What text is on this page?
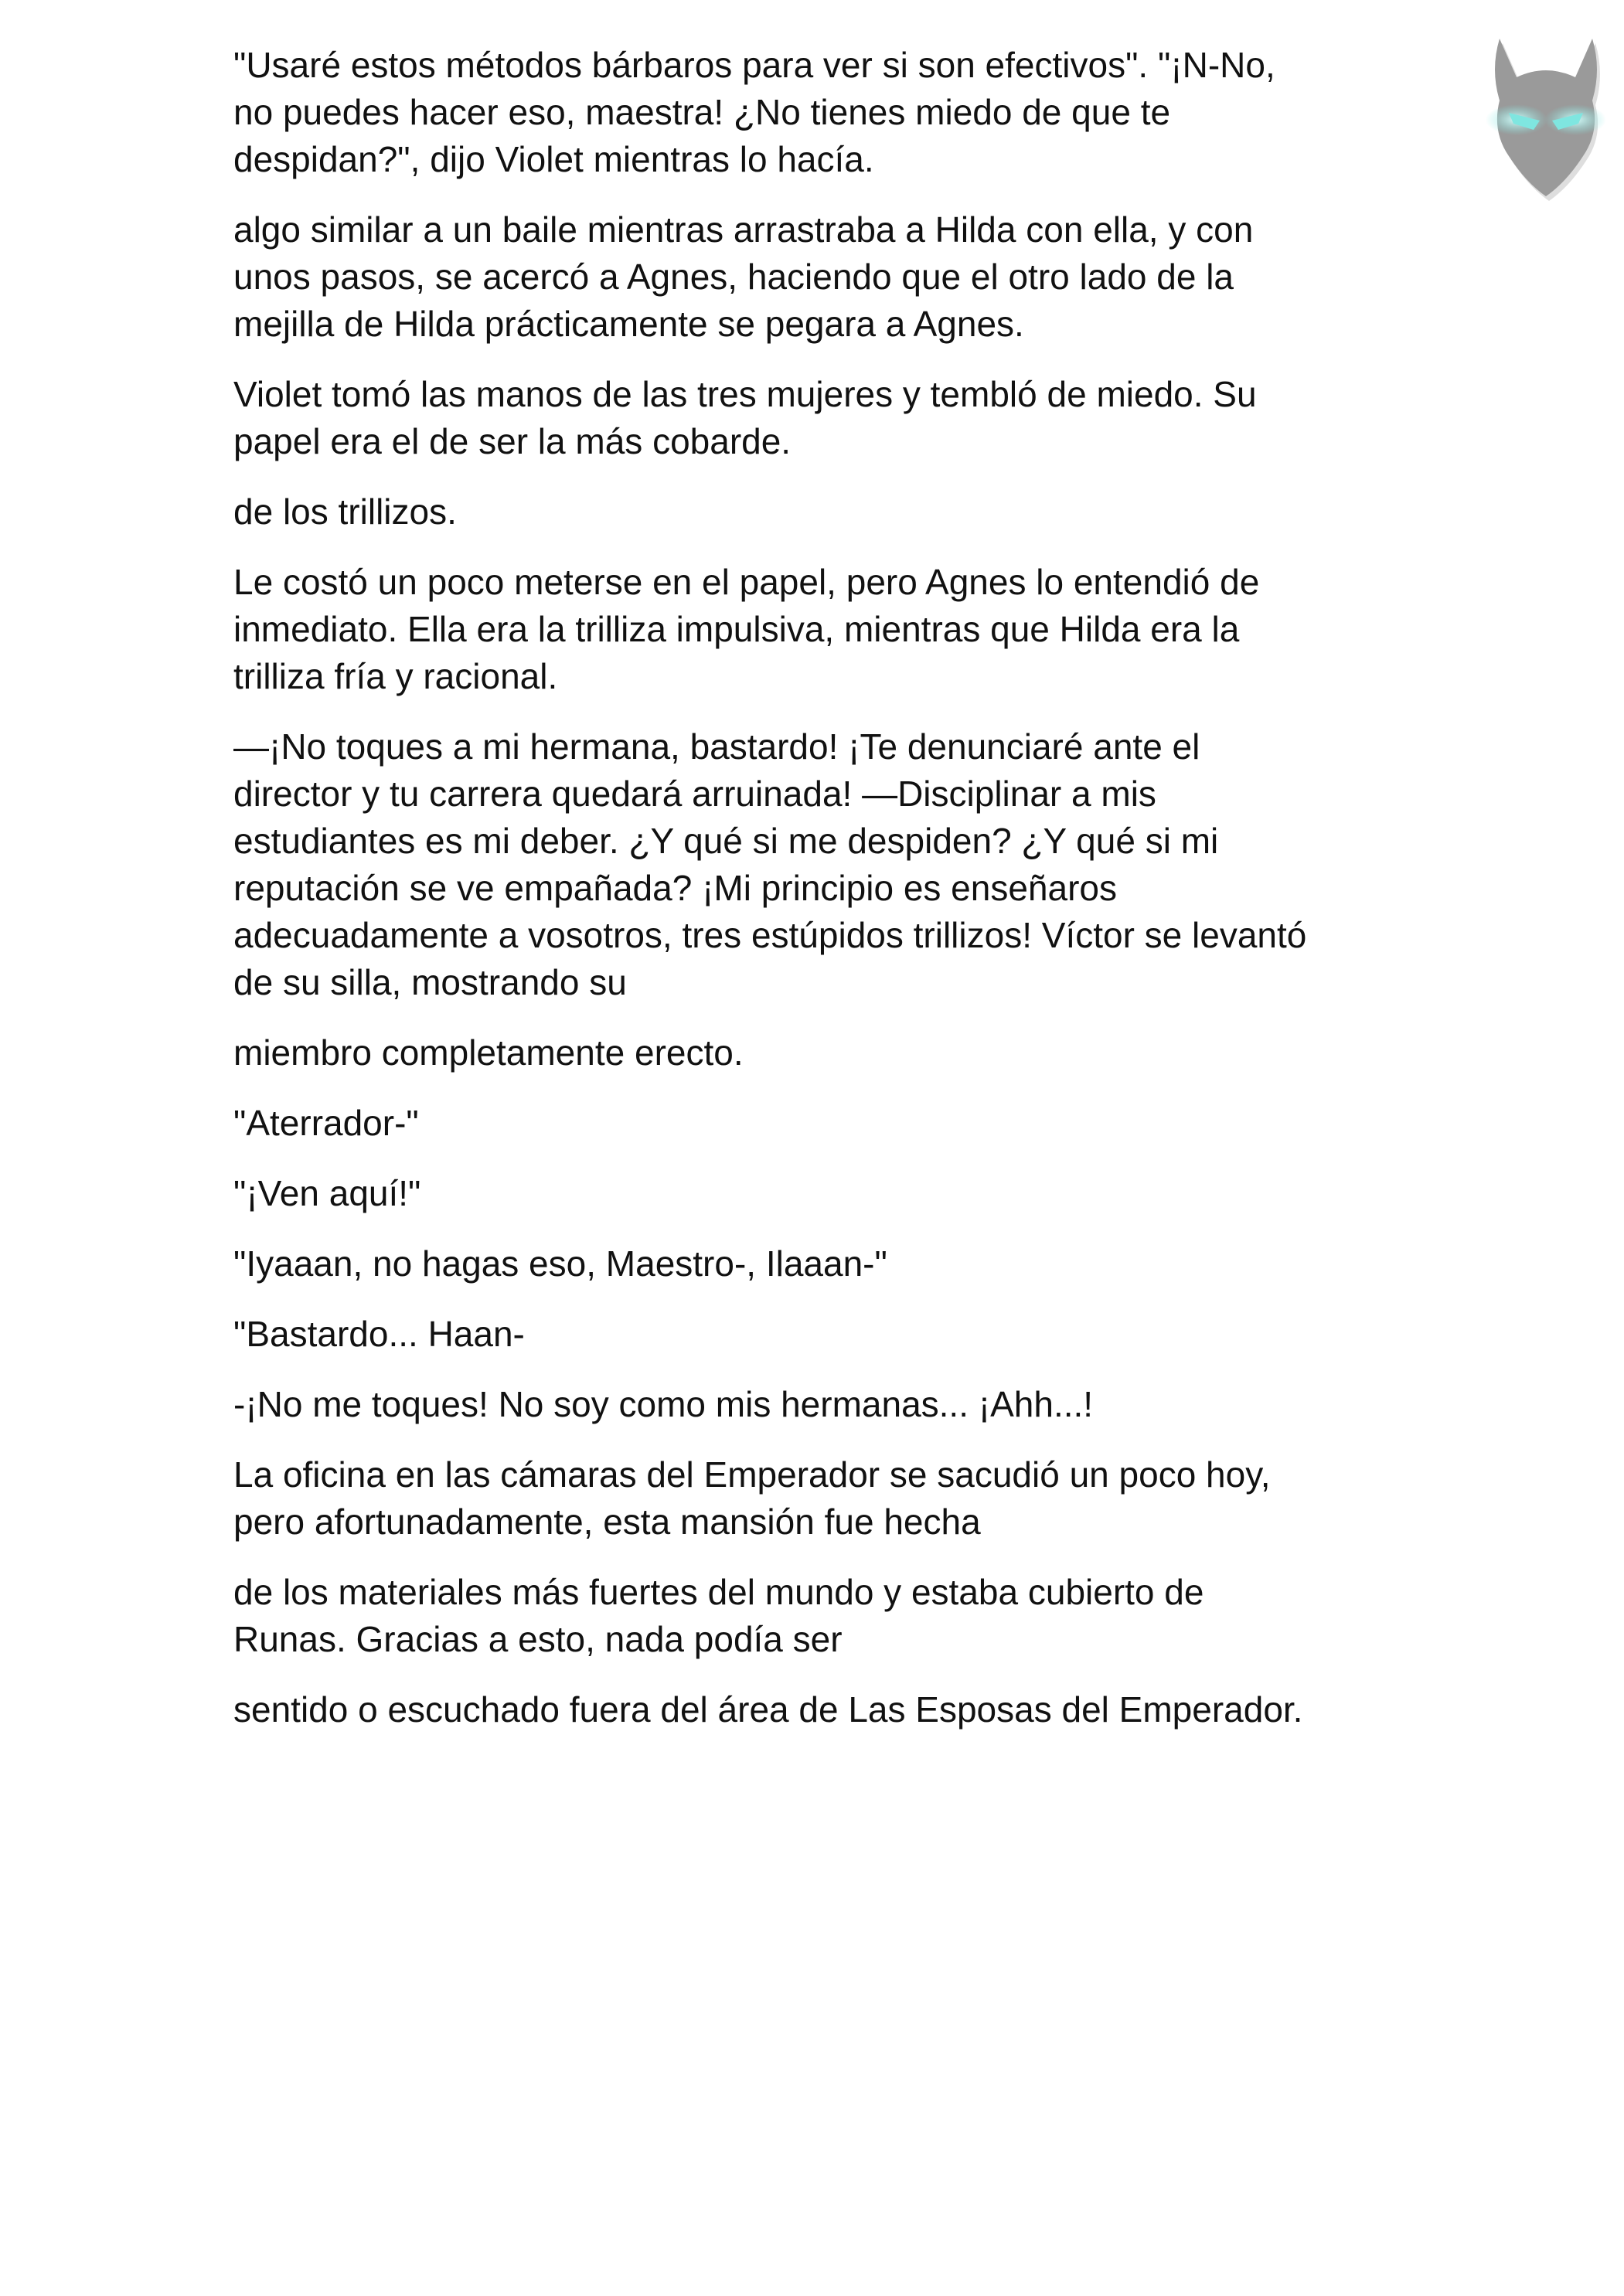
"Usaré estos métodos bárbaros para ver si son efectivos". "¡N-No,
no puedes hacer eso, maestra! ¿No tienes miedo de que te
despidan?", dijo Violet mientras lo hacía.

algo similar a un baile mientras arrastraba a Hilda con ella, y con
unos pasos, se acercó a Agnes, haciendo que el otro lado de la
mejilla de Hilda prácticamente se pegara a Agnes.

Violet tomó las manos de las tres mujeres y tembló de miedo. Su
papel era el de ser la más cobarde.

de los trillizos.

Le costó un poco meterse en el papel, pero Agnes lo entendió de
inmediato. Ella era la trilliza impulsiva, mientras que Hilda era la
trilliza fría y racional.

—¡No toques a mi hermana, bastardo! ¡Te denunciaré ante el
director y tu carrera quedará arruinada! —Disciplinar a mis
estudiantes es mi deber. ¿Y qué si me despiden? ¿Y qué si mi
reputación se ve empañada? ¡Mi principio es enseñaros
adecuadamente a vosotros, tres estúpidos trillizos! Víctor se levantó
de su silla, mostrando su

miembro completamente erecto.

"Aterrador-"

"¡Ven aquí!"

"Iyaaan, no hagas eso, Maestro-, Ilaaan-"

"Bastardo... Haan-

-¡No me toques! No soy como mis hermanas... ¡Ahh...!

La oficina en las cámaras del Emperador se sacudió un poco hoy,
pero afortunadamente, esta mansión fue hecha

de los materiales más fuertes del mundo y estaba cubierto de
Runas. Gracias a esto, nada podía ser

sentido o escuchado fuera del área de Las Esposas del Emperador.
